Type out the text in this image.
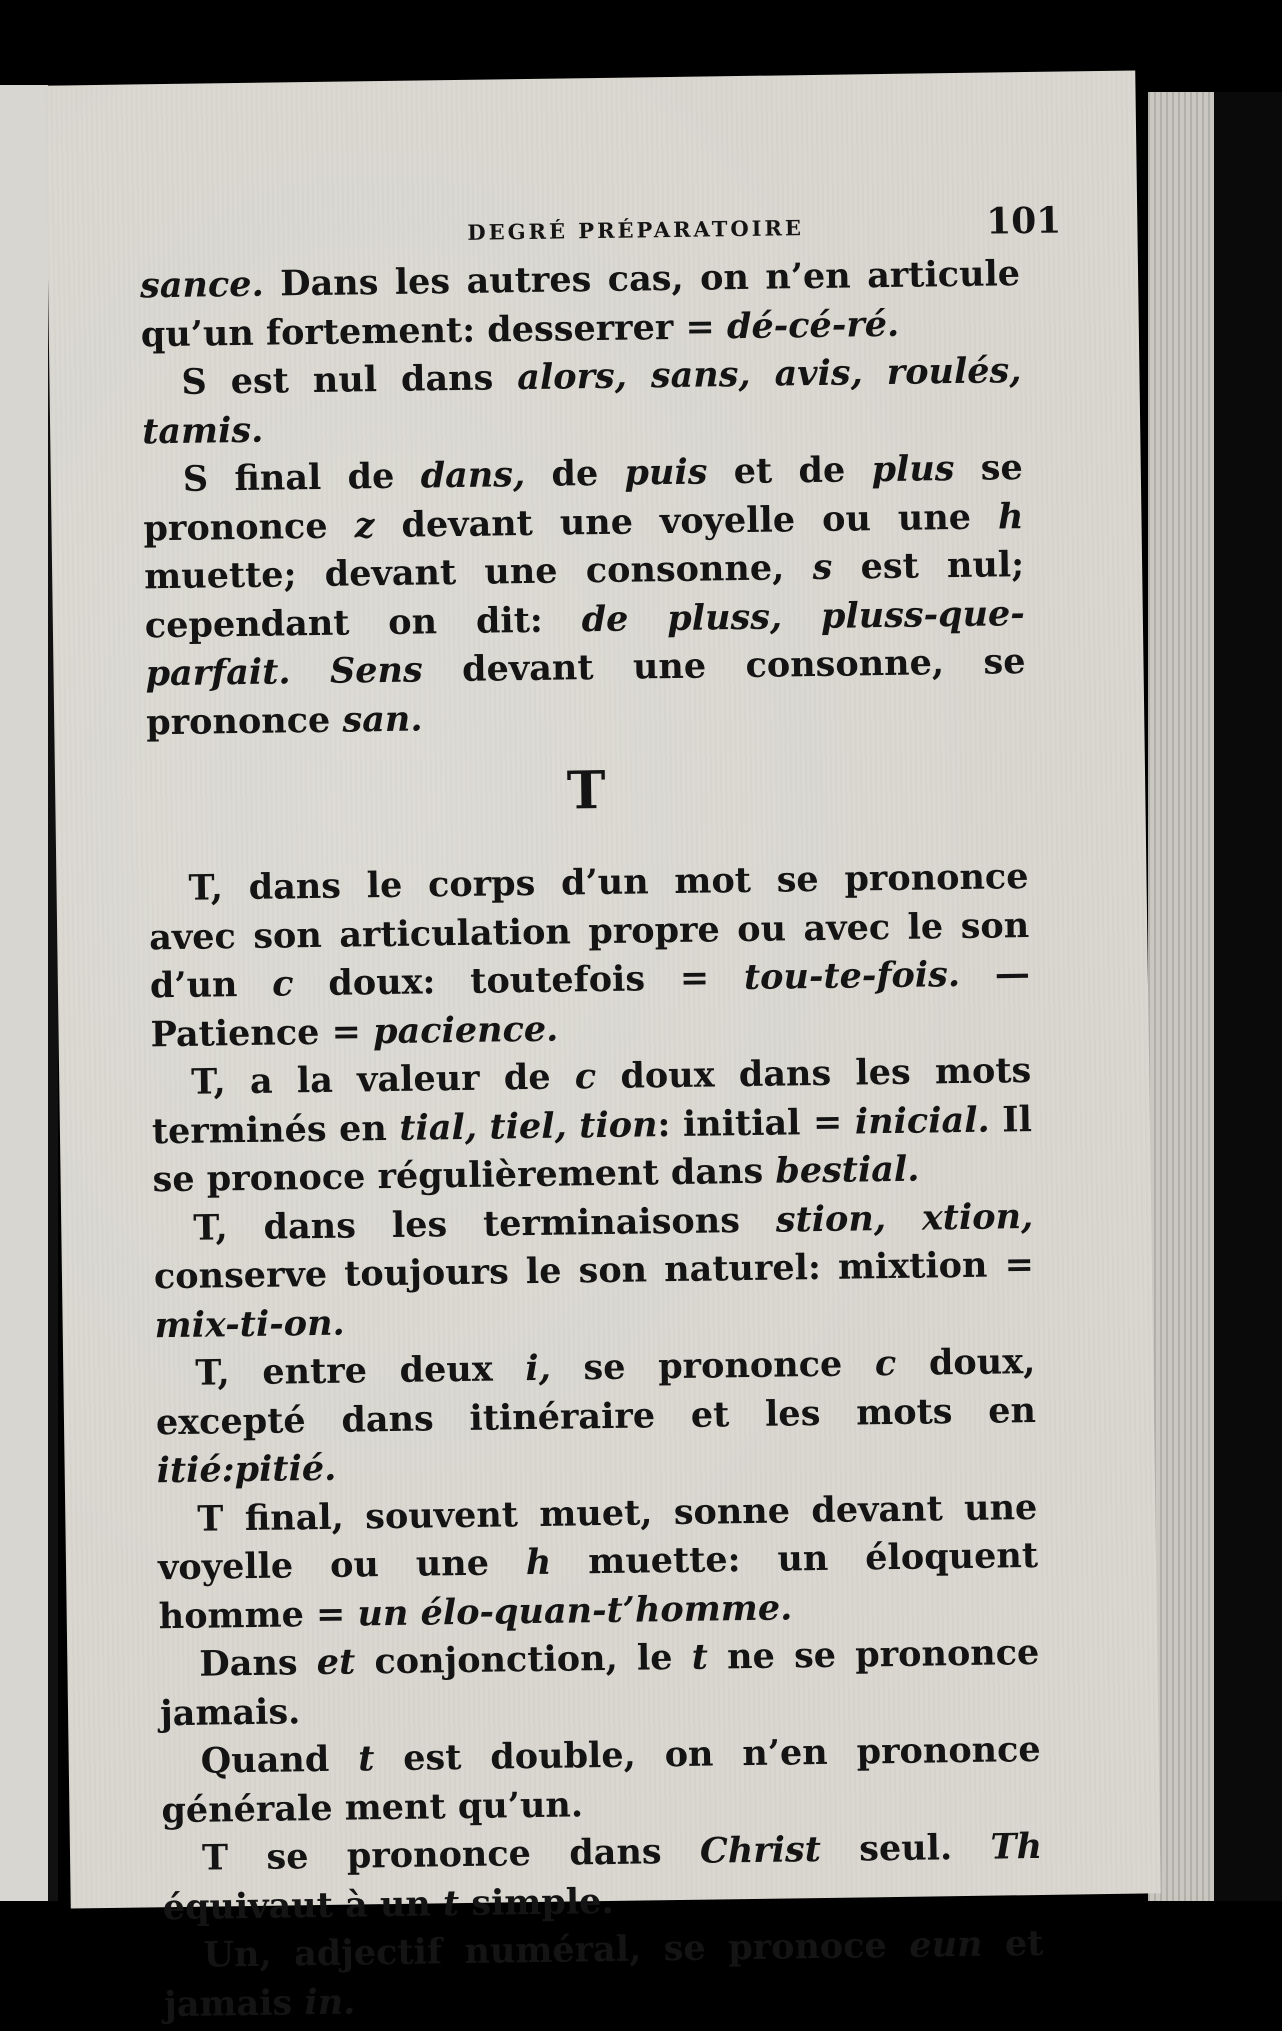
DEGRÉ PRÉPARATOIRE	101

sance. Dans les autres cas, on n’en articule qu’un fortement: desserrer = dé-cé-ré.

S est nul dans alors, sans, avis, roulés, tamis.

S final de dans, de puis et de plus se prononce z devant une voyelle ou une h muette; devant une consonne, s est nul; cependant on dit: de pluss, pluss-que-parfait. Sens devant une consonne, se prononce san.

T

T, dans le corps d’un mot se prononce avec son articulation propre ou avec le son d’un c doux: toutefois = tou-te-fois. — Patience = pacience.

T, a la valeur de c doux dans les mots terminés en tial, tiel, tion: initial = inicial. Il se pronoce régulièrement dans bestial.

T, dans les terminaisons stion, xtion, conserve toujours le son naturel: mixtion = mix-ti-on.

T, entre deux i, se prononce c doux, excepté dans itinéraire et les mots en itié:pitié.

T final, souvent muet, sonne devant une voyelle ou une h muette: un éloquent homme = un élo-quan-t’homme.

Dans et conjonction, le t ne se prononce jamais.

Quand t est double, on n’en prononce générale ment qu’un.

T se prononce dans Christ seul. Th équivaut à un t simple.

Un, adjectif numéral, se pronoce eun et jamais in.
